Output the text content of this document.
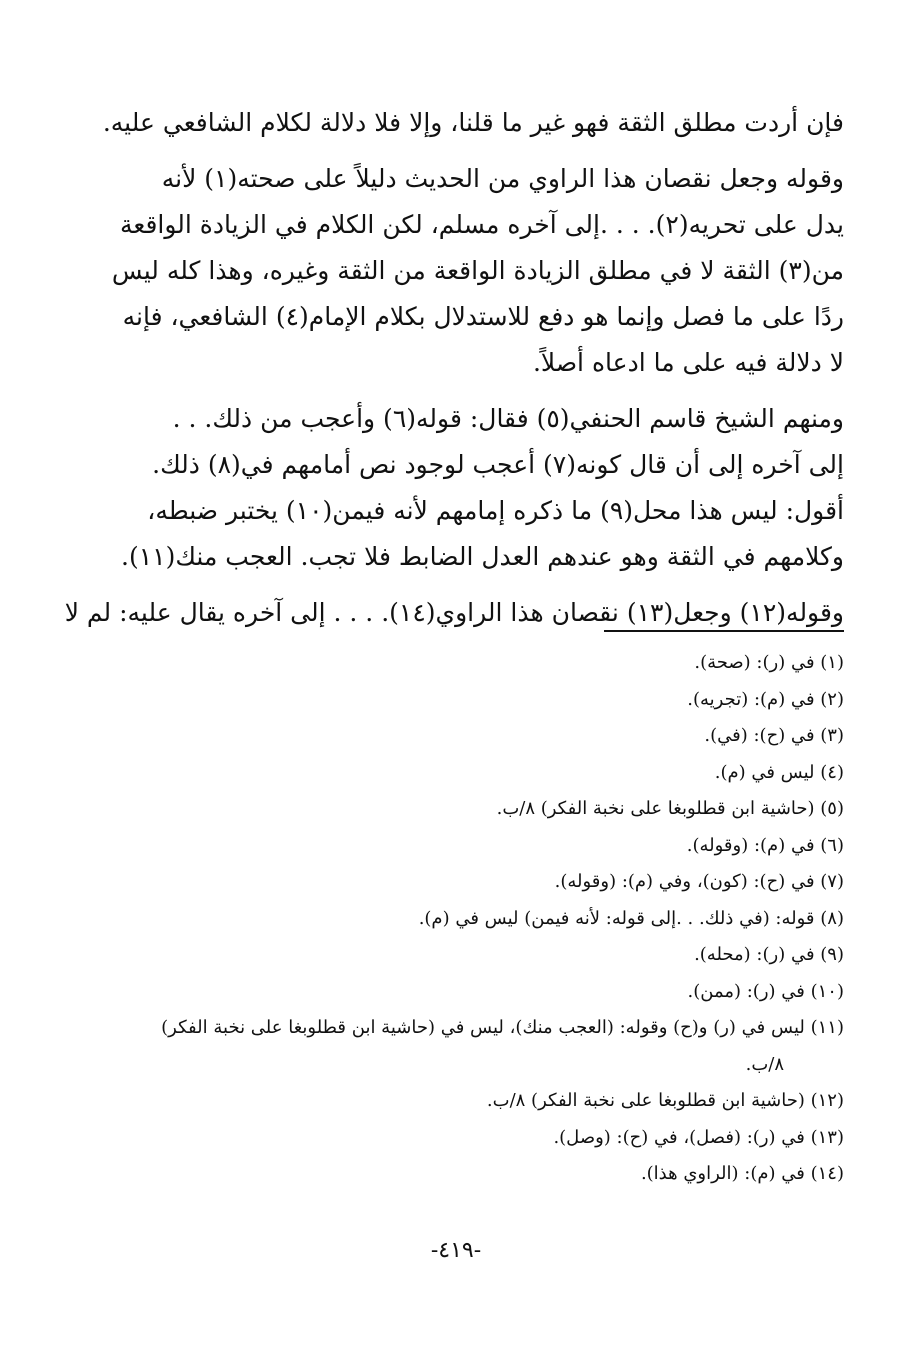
فإن أردت مطلق الثقة فهو غير ما قلنا، وإلا فلا دلالة لكلام الشافعي عليه.
وقوله وجعل نقصان هذا الراوي من الحديث دليلاً على صحته(١) لأنه
يدل على تحريه(٢). . . .إلى آخره مسلم، لكن الكلام في الزيادة الواقعة
من(٣) الثقة لا في مطلق الزيادة الواقعة من الثقة وغيره، وهذا كله ليس
ردًا على ما فصل وإنما هو دفع للاستدلال بكلام الإمام(٤) الشافعي، فإنه
لا دلالة فيه على ما ادعاه أصلاً.
ومنهم الشيخ قاسم الحنفي(٥) فقال: قوله(٦) وأعجب من ذلك. . .
إلى آخره إلى أن قال كونه(٧) أعجب لوجود نص أمامهم في(٨) ذلك.
أقول: ليس هذا محل(٩) ما ذكره إمامهم لأنه فيمن(١٠) يختبر ضبطه،
وكلامهم في الثقة وهو عندهم العدل الضابط فلا تجب. العجب منك(١١).
وقوله(١٢) وجعل(١٣) نقصان هذا الراوي(١٤). . . . إلى آخره يقال عليه: لم لا
(١) في (ر): (صحة).
(٢) في (م): (تجريه).
(٣) في (ح): (في).
(٤) ليس في (م).
(٥) (حاشية ابن قطلوبغا على نخبة الفكر) ٨/ب.
(٦) في (م): (وقوله).
(٧) في (ح): (كون)، وفي (م): (وقوله).
(٨) قوله: (في ذلك. . .إلى قوله: لأنه فيمن) ليس في (م).
(٩) في (ر): (محله).
(١٠) في (ر): (ممن).
(١١) ليس في (ر) و(ح) وقوله: (العجب منك)، ليس في (حاشية ابن قطلوبغا على نخبة الفكر)
٨/ب.
(١٢) (حاشية ابن قطلوبغا على نخبة الفكر) ٨/ب.
(١٣) في (ر): (فصل)، في (ح): (وصل).
(١٤) في (م): (الراوي هذا).
-٤١٩-
